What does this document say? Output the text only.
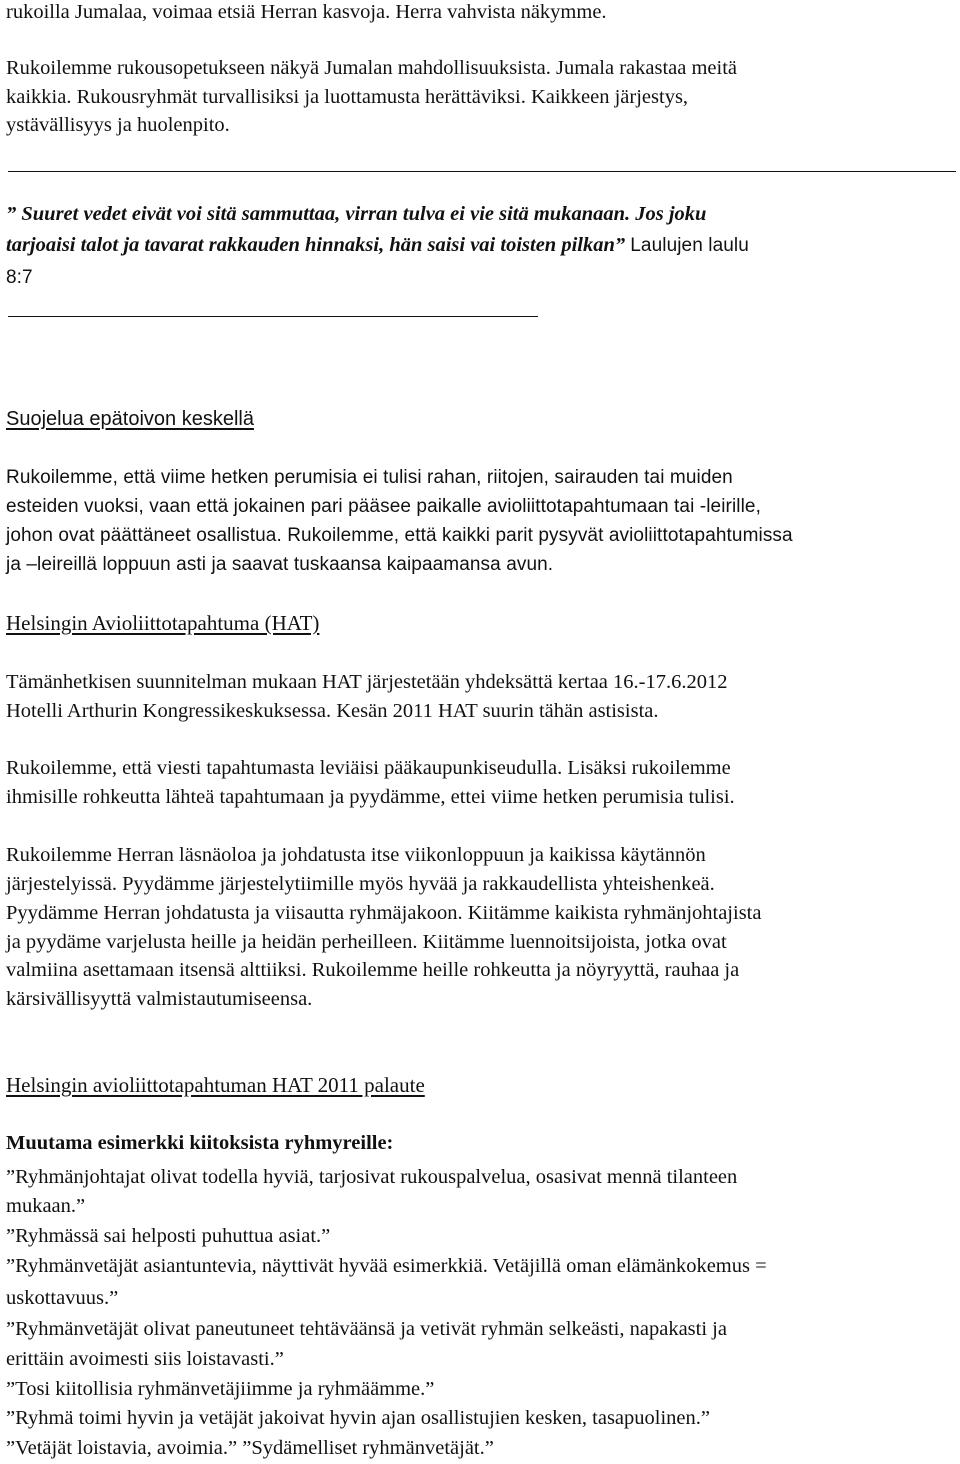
rukoilla Jumalaa, voimaa etsiä Herran kasvoja. Herra vahvista näkymme.
Rukoilemme rukousopetukseen näkyä Jumalan mahdollisuuksista. Jumala rakastaa meitä
kaikkia. Rukousryhmät turvallisiksi ja luottamusta herättäviksi. Kaikkeen järjestys,
ystävällisyys ja huolenpito.
” Suuret vedet eivät voi sitä sammuttaa, virran tulva ei vie sitä mukanaan. Jos joku
tarjoaisi talot ja tavarat rakkauden hinnaksi, hän saisi vai toisten pilkan” Laulujen laulu
8:7
Suojelua epätoivon keskellä
Rukoilemme, että viime hetken perumisia ei tulisi rahan, riitojen, sairauden tai muiden
esteiden vuoksi, vaan että jokainen pari pääsee paikalle avioliittotapahtumaan tai -leirille,
johon ovat päättäneet osallistua. Rukoilemme, että kaikki parit pysyvät avioliittotapahtumissa
ja –leireillä loppuun asti ja saavat tuskaansa kaipaamansa avun.
Helsingin Avioliittotapahtuma (HAT)
Tämänhetkisen suunnitelman mukaan HAT järjestetään yhdeksättä kertaa 16.-17.6.2012
Hotelli Arthurin Kongressikeskuksessa. Kesän 2011 HAT suurin tähän astisista.
Rukoilemme, että viesti tapahtumasta leviäisi pääkaupunkiseudulla. Lisäksi rukoilemme
ihmisille rohkeutta lähteä tapahtumaan ja pyydämme, ettei viime hetken perumisia tulisi.
Rukoilemme Herran läsnäoloa ja johdatusta itse viikonloppuun ja kaikissa käytännön
järjestelyissä. Pyydämme järjestelytiimille myös hyvää ja rakkaudellista yhteishenkeä.
Pyydämme Herran johdatusta ja viisautta ryhmäjakoon. Kiitämme kaikista ryhmänjohtajista
ja pyydäme varjelusta heille ja heidän perheilleen. Kiitämme luennoitsijoista, jotka ovat
valmiina asettamaan itsensä alttiiksi. Rukoilemme heille rohkeutta ja nöyryyttä, rauhaa ja
kärsivällisyyttä valmistautumiseensa.
Helsingin avioliittotapahtuman HAT 2011 palaute
Muutama esimerkki kiitoksista ryhmyreille:
”Ryhmänjohtajat olivat todella hyviä, tarjosivat rukouspalvelua, osasivat mennä tilanteen
mukaan.”
”Ryhmässä sai helposti puhuttua asiat.”
”Ryhmänvetäjät asiantuntevia, näyttivät hyvää esimerkkiä. Vetäjillä oman elämänkokemus =
uskottavuus.”
”Ryhmänvetäjät olivat paneutuneet tehtäväänsä ja vetivät ryhmän selkeästi, napakasti ja
erittäin avoimesti siis loistavasti.”
”Tosi kiitollisia ryhmänvetäjiimme ja ryhmäämme.”
”Ryhmä toimi hyvin ja vetäjät jakoivat hyvin ajan osallistujien kesken, tasapuolinen.”
”Vetäjät loistavia, avoimia.” ”Sydämelliset ryhmänvetäjät.”
